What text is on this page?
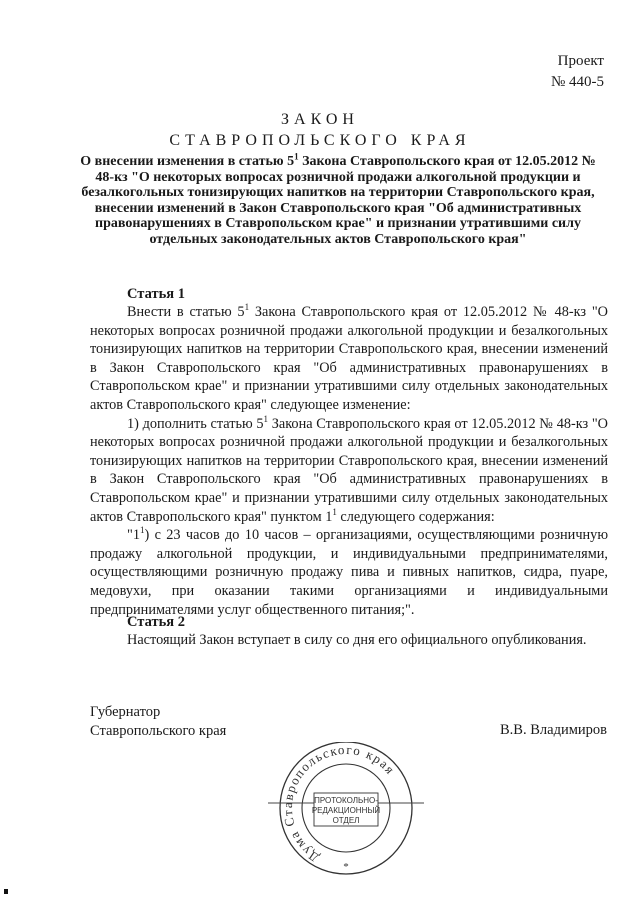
Проект
№ 440-5
ЗАКОН
СТАВРОПОЛЬСКОГО КРАЯ
О внесении изменения в статью $5^1$ Закона Ставропольского края от 12.05.2012 № 48-кз "О некоторых вопросах розничной продажи алкогольной продукции и безалкогольных тонизирующих напитков на территории Ставропольского края, внесении изменений в Закон Ставропольского края "Об административных правонарушениях в Ставропольском крае" и признании утратившими силу отдельных законодательных актов Ставропольского края"
Статья 1

Внести в статью $5^1$ Закона Ставропольского края от 12.05.2012 № 48-кз "О некоторых вопросах розничной продажи алкогольной продукции и безалкогольных тонизирующих напитков на территории Ставропольского края, внесении изменений в Закон Ставропольского края "Об административных правонарушениях в Ставропольском крае" и признании утратившими силу отдельных законодательных актов Ставропольского края" следующее изменение:

1) дополнить статью $5^1$ Закона Ставропольского края от 12.05.2012 № 48-кз "О некоторых вопросах розничной продажи алкогольной продукции и безалкогольных тонизирующих напитков на территории Ставропольского края, внесении изменений в Закон Ставропольского края "Об административных правонарушениях в Ставропольском крае" и признании утратившими силу отдельных законодательных актов Ставропольского края" пунктом $1^1$ следующего содержания:

"$1^1$) с 23 часов до 10 часов – организациями, осуществляющими розничную продажу алкогольной продукции, и индивидуальными предпринимателями, осуществляющими розничную продажу пива и пивных напитков, сидра, пуаре, медовухи, при оказании такими организациями и индивидуальными предпринимателями услуг общественного питания;".

Статья 2

Настоящий Закон вступает в силу со дня его официального опубликования.

Губернатор
Ставропольского края	В.В. Владимиров
Дума Ставропольского края
ПРОТОКОЛЬНО-
РЕДАКЦИОННЫЙ
ОТДЕЛ
*
